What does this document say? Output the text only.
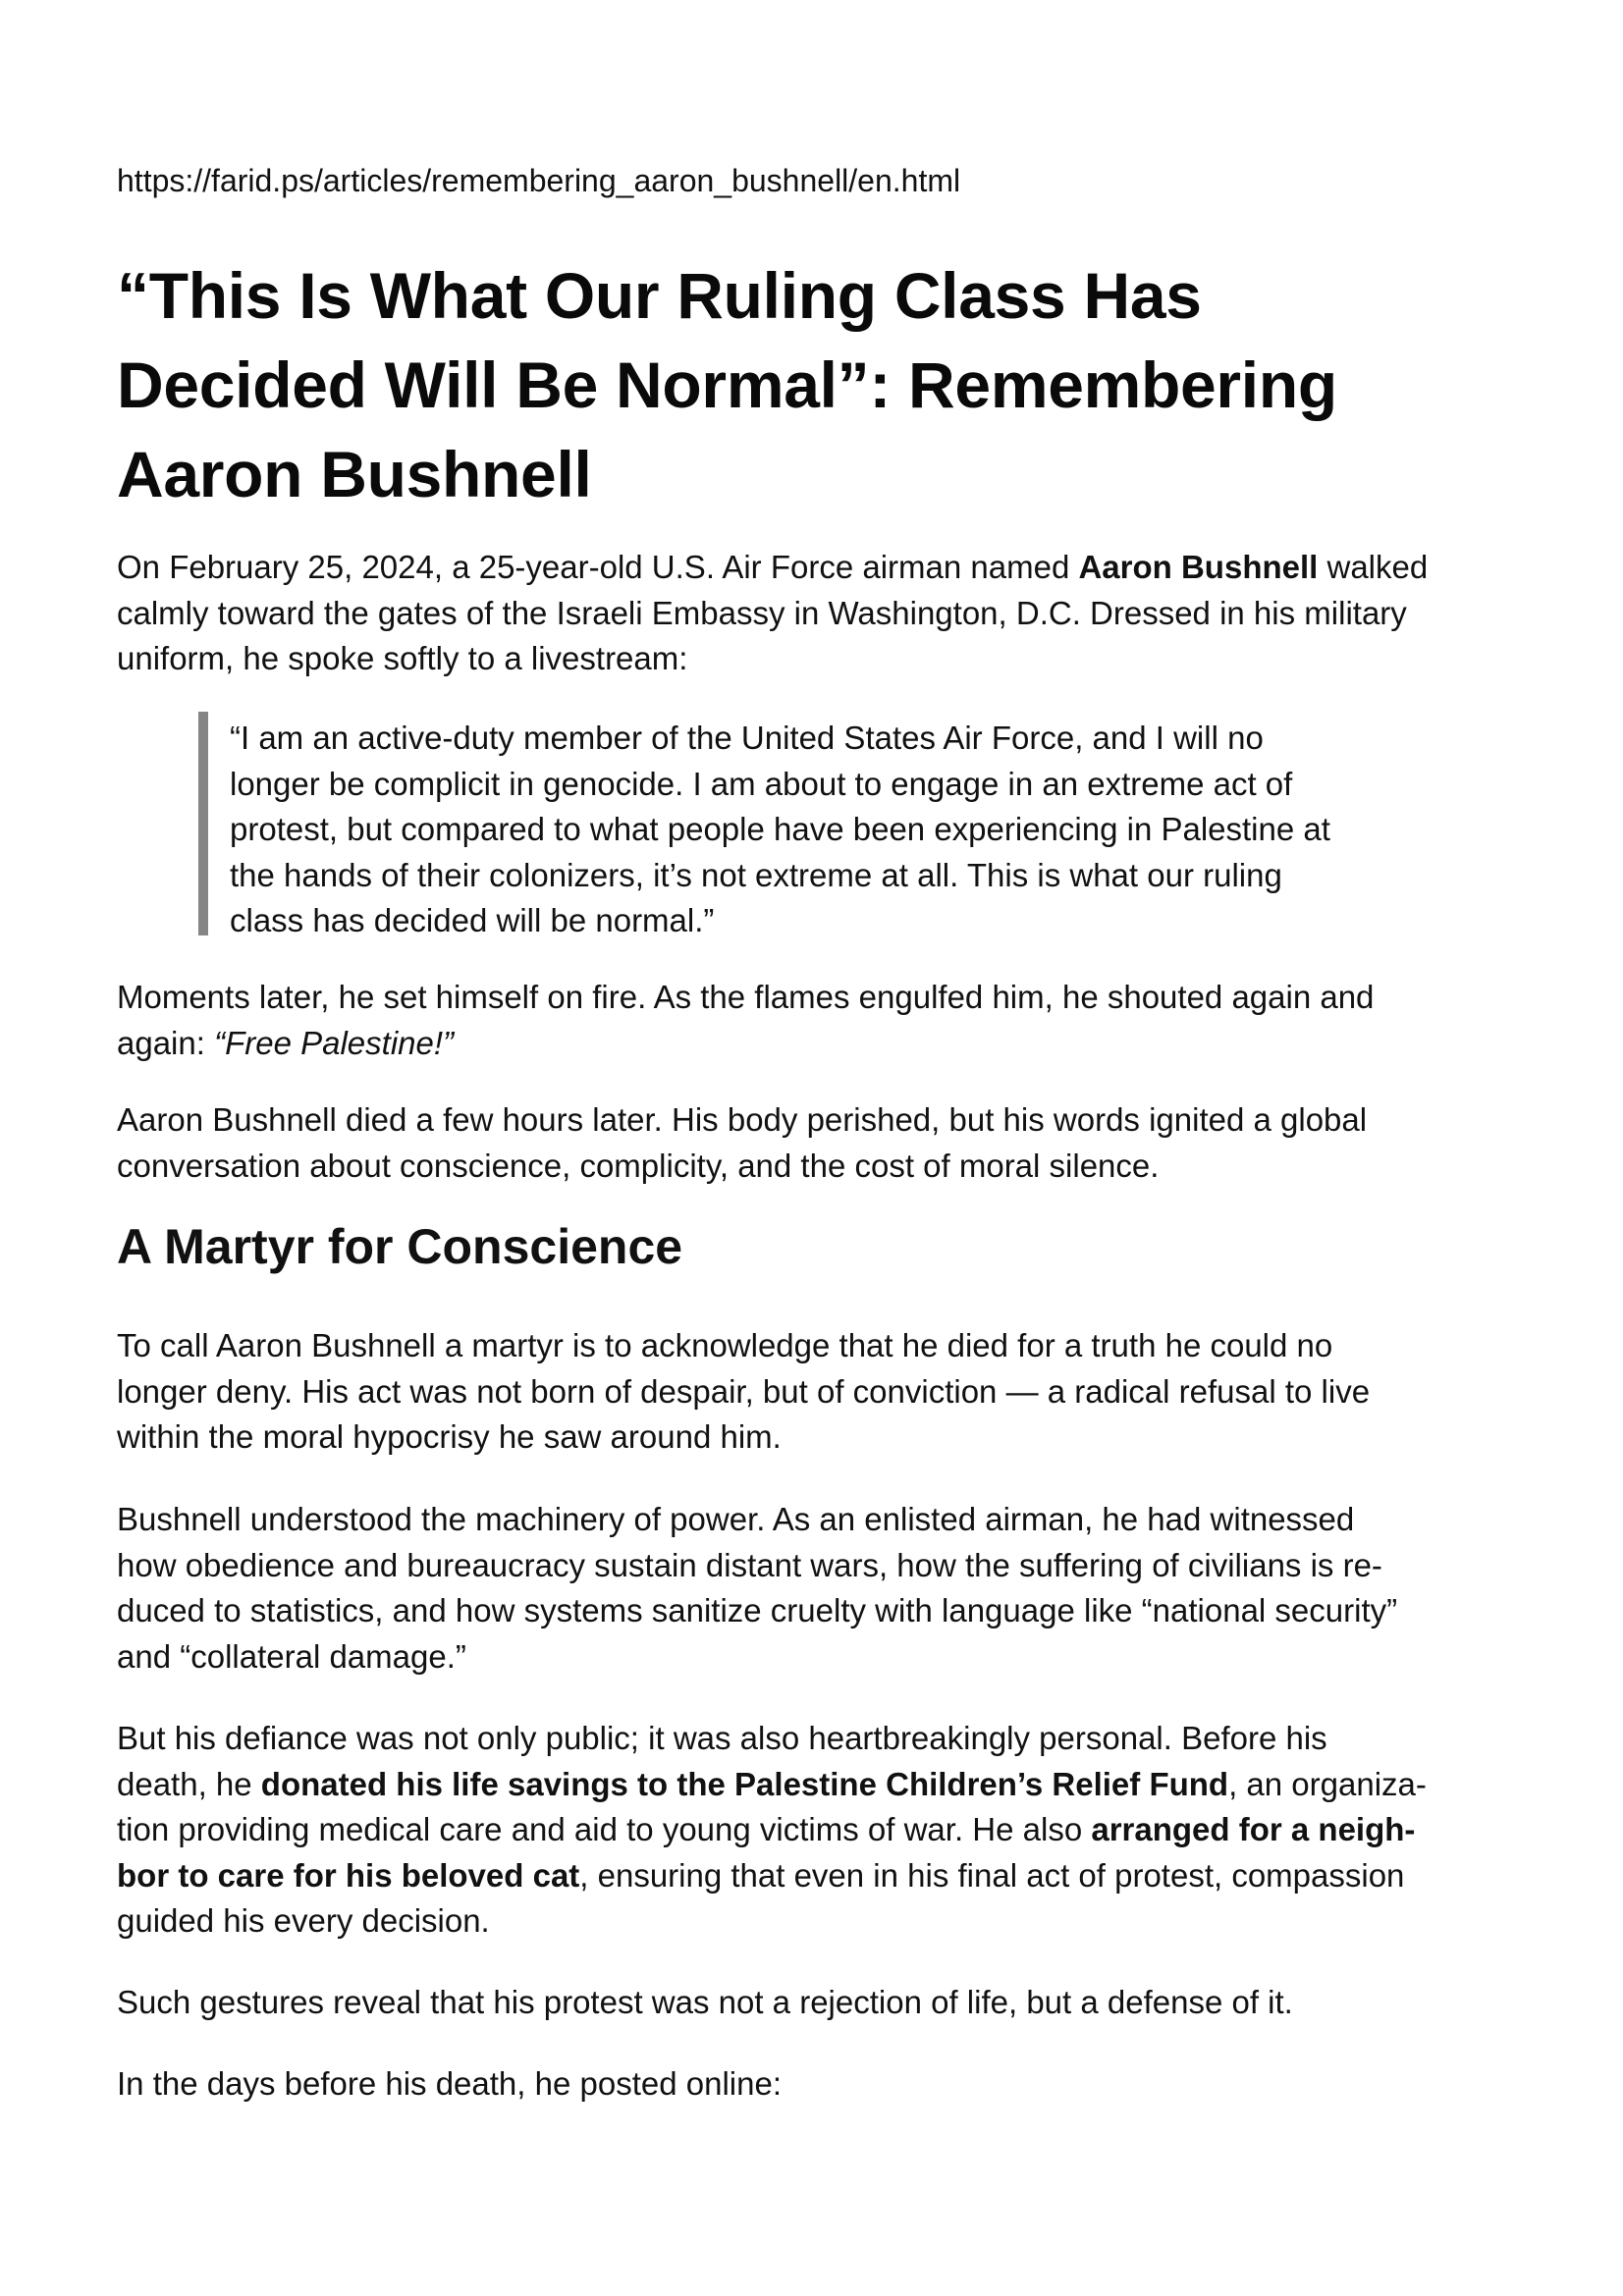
https://farid.ps/articles/remembering_aaron_bushnell/en.html
“This Is What Our Ruling Class Has
Decided Will Be Normal”: Remembering
Aaron Bushnell

On February 25, 2024, a 25-year-old U.S. Air Force airman named Aaron Bushnell walked
calmly toward the gates of the Israeli Embassy in Washington, D.C. Dressed in his military
uniform, he spoke softly to a livestream:

“I am an active-duty member of the United States Air Force, and I will no
longer be complicit in genocide. I am about to engage in an extreme act of
protest, but compared to what people have been experiencing in Palestine at
the hands of their colonizers, it’s not extreme at all. This is what our ruling
class has decided will be normal.”

Moments later, he set himself on fire. As the flames engulfed him, he shouted again and
again: “Free Palestine!”

Aaron Bushnell died a few hours later. His body perished, but his words ignited a global
conversation about conscience, complicity, and the cost of moral silence.

A Martyr for Conscience

To call Aaron Bushnell a martyr is to acknowledge that he died for a truth he could no
longer deny. His act was not born of despair, but of conviction — a radical refusal to live
within the moral hypocrisy he saw around him.

Bushnell understood the machinery of power. As an enlisted airman, he had witnessed
how obedience and bureaucracy sustain distant wars, how the suffering of civilians is re-
duced to statistics, and how systems sanitize cruelty with language like “national security”
and “collateral damage.”

But his defiance was not only public; it was also heartbreakingly personal. Before his
death, he donated his life savings to the Palestine Children’s Relief Fund, an organiza-
tion providing medical care and aid to young victims of war. He also arranged for a neigh-
bor to care for his beloved cat, ensuring that even in his final act of protest, compassion
guided his every decision.

Such gestures reveal that his protest was not a rejection of life, but a defense of it.

In the days before his death, he posted online:
